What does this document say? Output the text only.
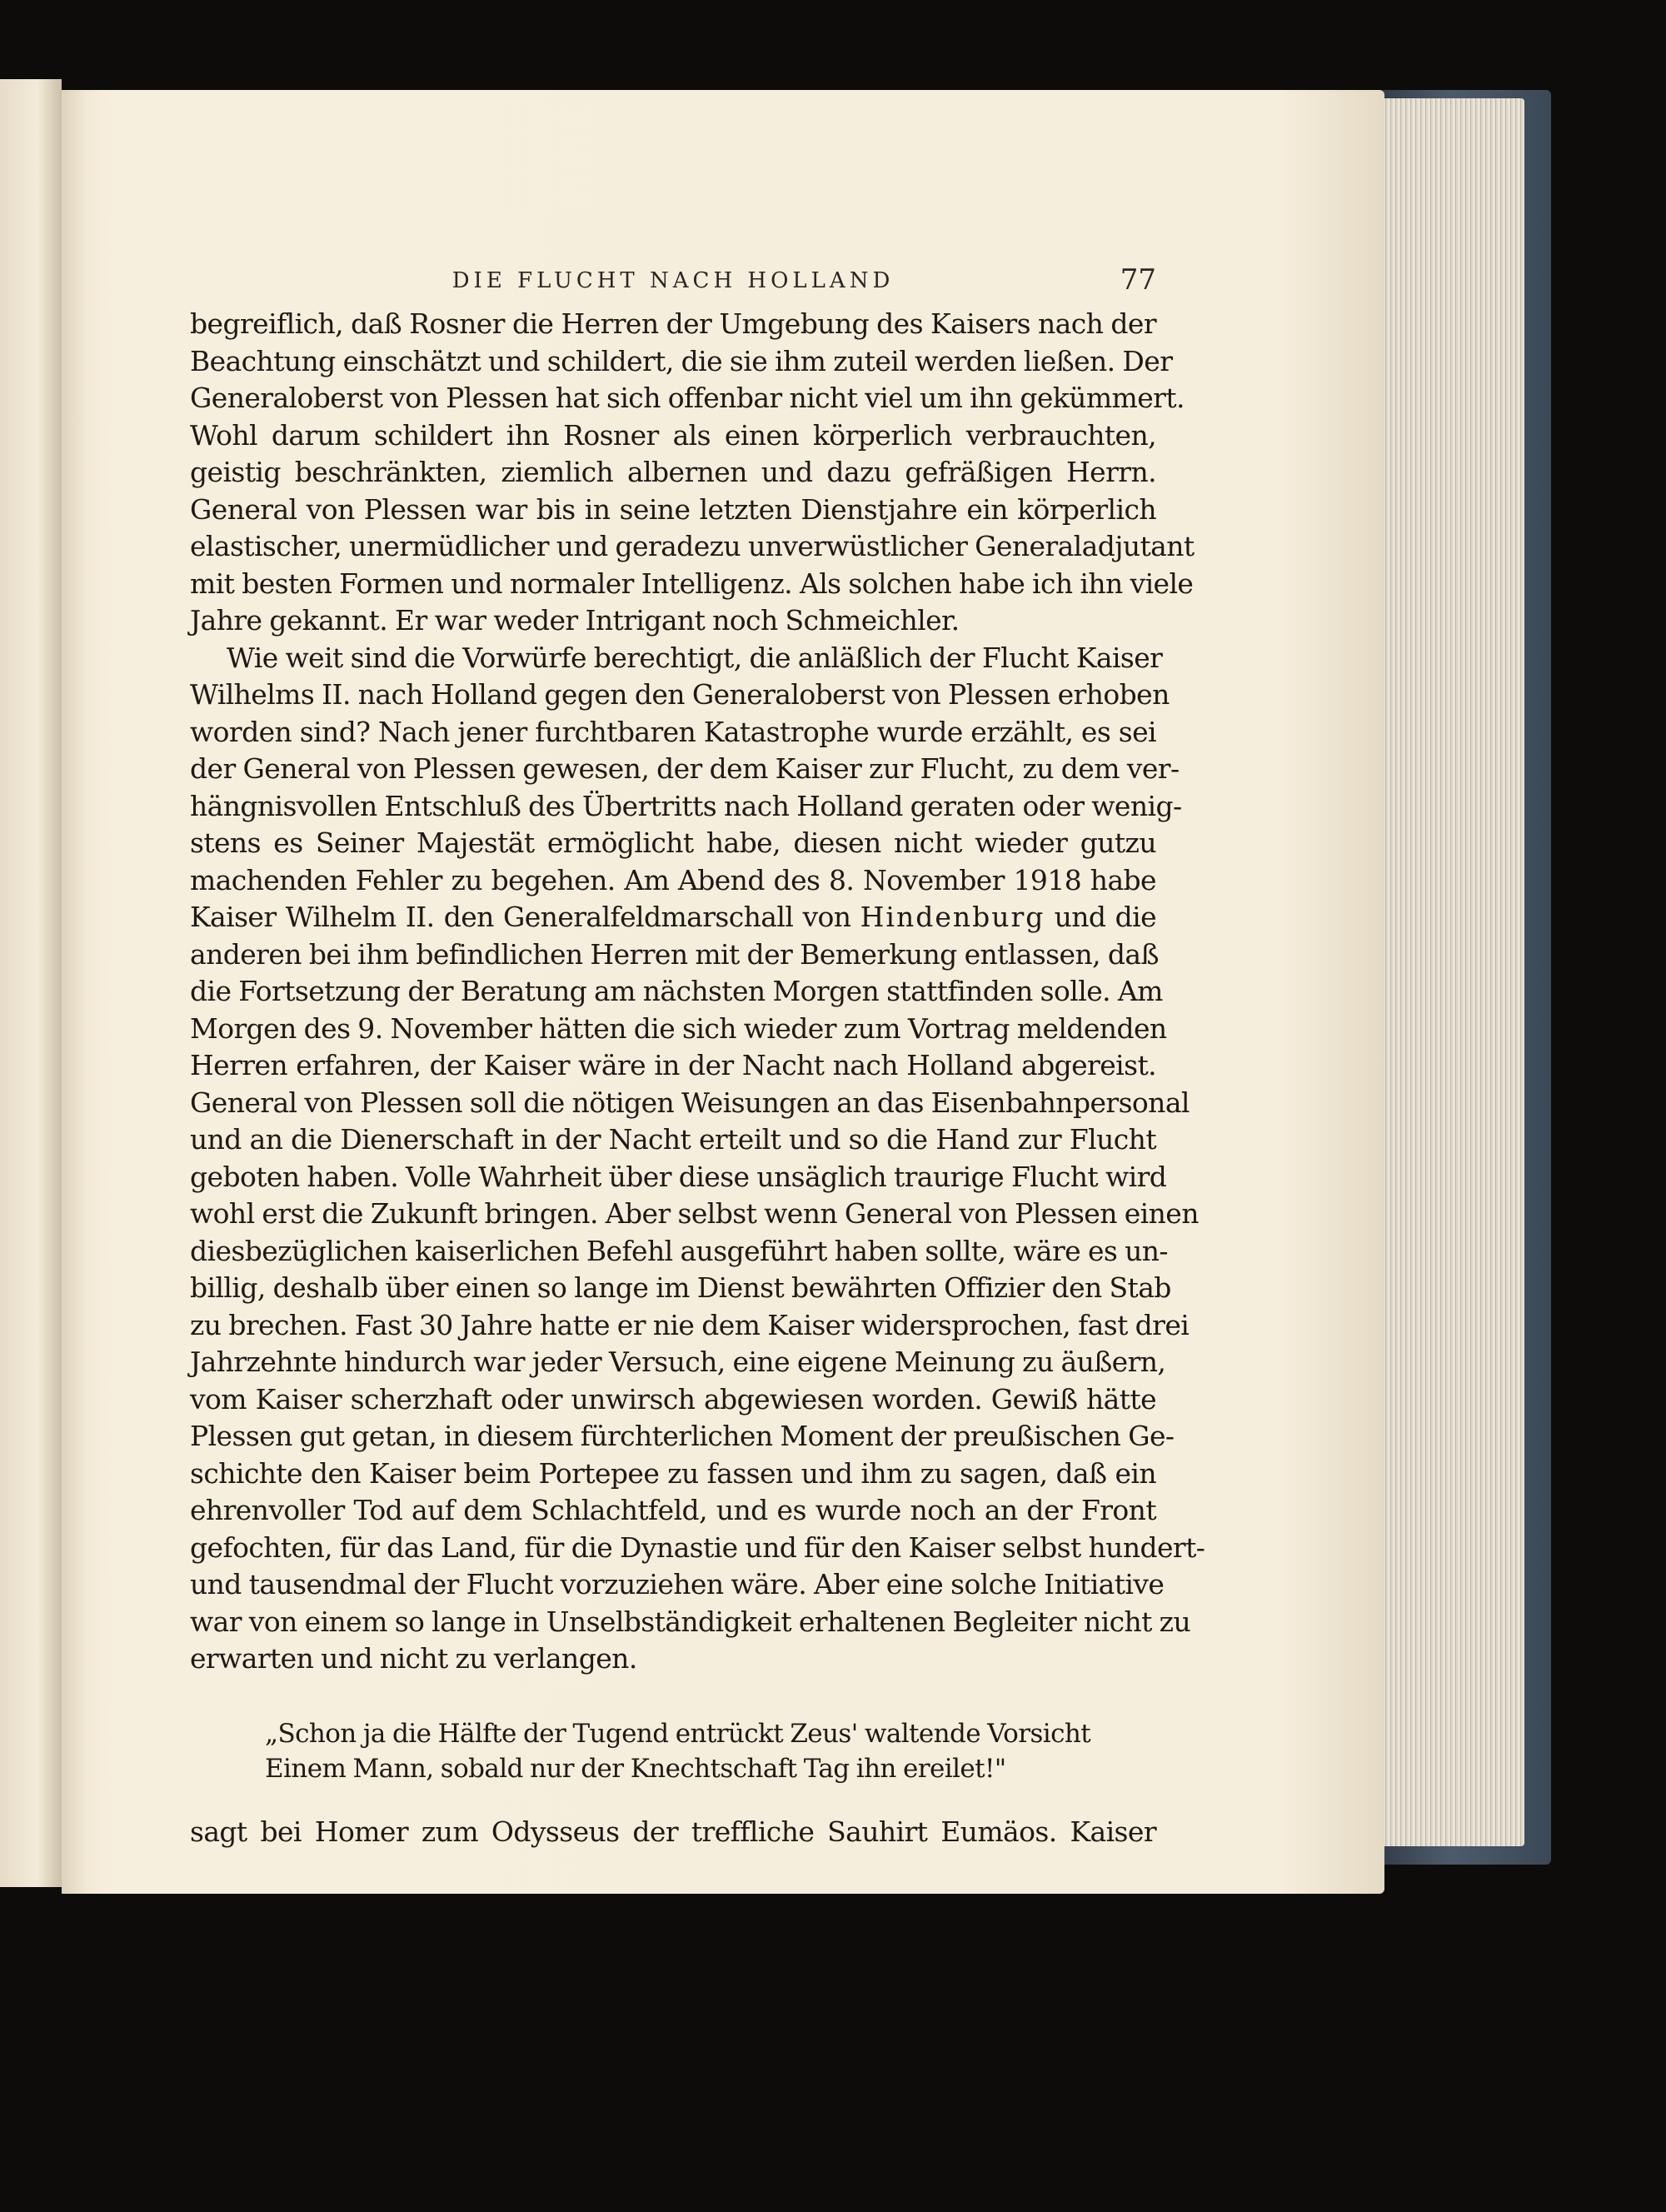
DIE FLUCHT NACH HOLLAND	77
begreiflich, daß Rosner die Herren der Umgebung des Kaisers nach der
Beachtung einschätzt und schildert, die sie ihm zuteil werden ließen. Der
Generaloberst von Plessen hat sich offenbar nicht viel um ihn gekümmert.
Wohl darum schildert ihn Rosner als einen körperlich verbrauchten,
geistig beschränkten, ziemlich albernen und dazu gefräßigen Herrn.
General von Plessen war bis in seine letzten Dienstjahre ein körperlich
elastischer, unermüdlicher und geradezu unverwüstlicher Generaladjutant
mit besten Formen und normaler Intelligenz. Als solchen habe ich ihn viele
Jahre gekannt. Er war weder Intrigant noch Schmeichler.
Wie weit sind die Vorwürfe berechtigt, die anläßlich der Flucht Kaiser
Wilhelms II. nach Holland gegen den Generaloberst von Plessen erhoben
worden sind? Nach jener furchtbaren Katastrophe wurde erzählt, es sei
der General von Plessen gewesen, der dem Kaiser zur Flucht, zu dem ver-
hängnisvollen Entschluß des Übertritts nach Holland geraten oder wenig-
stens es Seiner Majestät ermöglicht habe, diesen nicht wieder gutzu
machenden Fehler zu begehen. Am Abend des 8. November 1918 habe
Kaiser Wilhelm II. den Generalfeldmarschall von Hindenburg und die
anderen bei ihm befindlichen Herren mit der Bemerkung entlassen, daß
die Fortsetzung der Beratung am nächsten Morgen stattfinden solle. Am
Morgen des 9. November hätten die sich wieder zum Vortrag meldenden
Herren erfahren, der Kaiser wäre in der Nacht nach Holland abgereist.
General von Plessen soll die nötigen Weisungen an das Eisenbahnpersonal
und an die Dienerschaft in der Nacht erteilt und so die Hand zur Flucht
geboten haben. Volle Wahrheit über diese unsäglich traurige Flucht wird
wohl erst die Zukunft bringen. Aber selbst wenn General von Plessen einen
diesbezüglichen kaiserlichen Befehl ausgeführt haben sollte, wäre es un-
billig, deshalb über einen so lange im Dienst bewährten Offizier den Stab
zu brechen. Fast 30 Jahre hatte er nie dem Kaiser widersprochen, fast drei
Jahrzehnte hindurch war jeder Versuch, eine eigene Meinung zu äußern,
vom Kaiser scherzhaft oder unwirsch abgewiesen worden. Gewiß hätte
Plessen gut getan, in diesem fürchterlichen Moment der preußischen Ge-
schichte den Kaiser beim Portepee zu fassen und ihm zu sagen, daß ein
ehrenvoller Tod auf dem Schlachtfeld, und es wurde noch an der Front
gefochten, für das Land, für die Dynastie und für den Kaiser selbst hundert-
und tausendmal der Flucht vorzuziehen wäre. Aber eine solche Initiative
war von einem so lange in Unselbständigkeit erhaltenen Begleiter nicht zu
erwarten und nicht zu verlangen.
„Schon ja die Hälfte der Tugend entrückt Zeus' waltende Vorsicht
Einem Mann, sobald nur der Knechtschaft Tag ihn ereilet!"
sagt bei Homer zum Odysseus der treffliche Sauhirt Eumäos. Kaiser
